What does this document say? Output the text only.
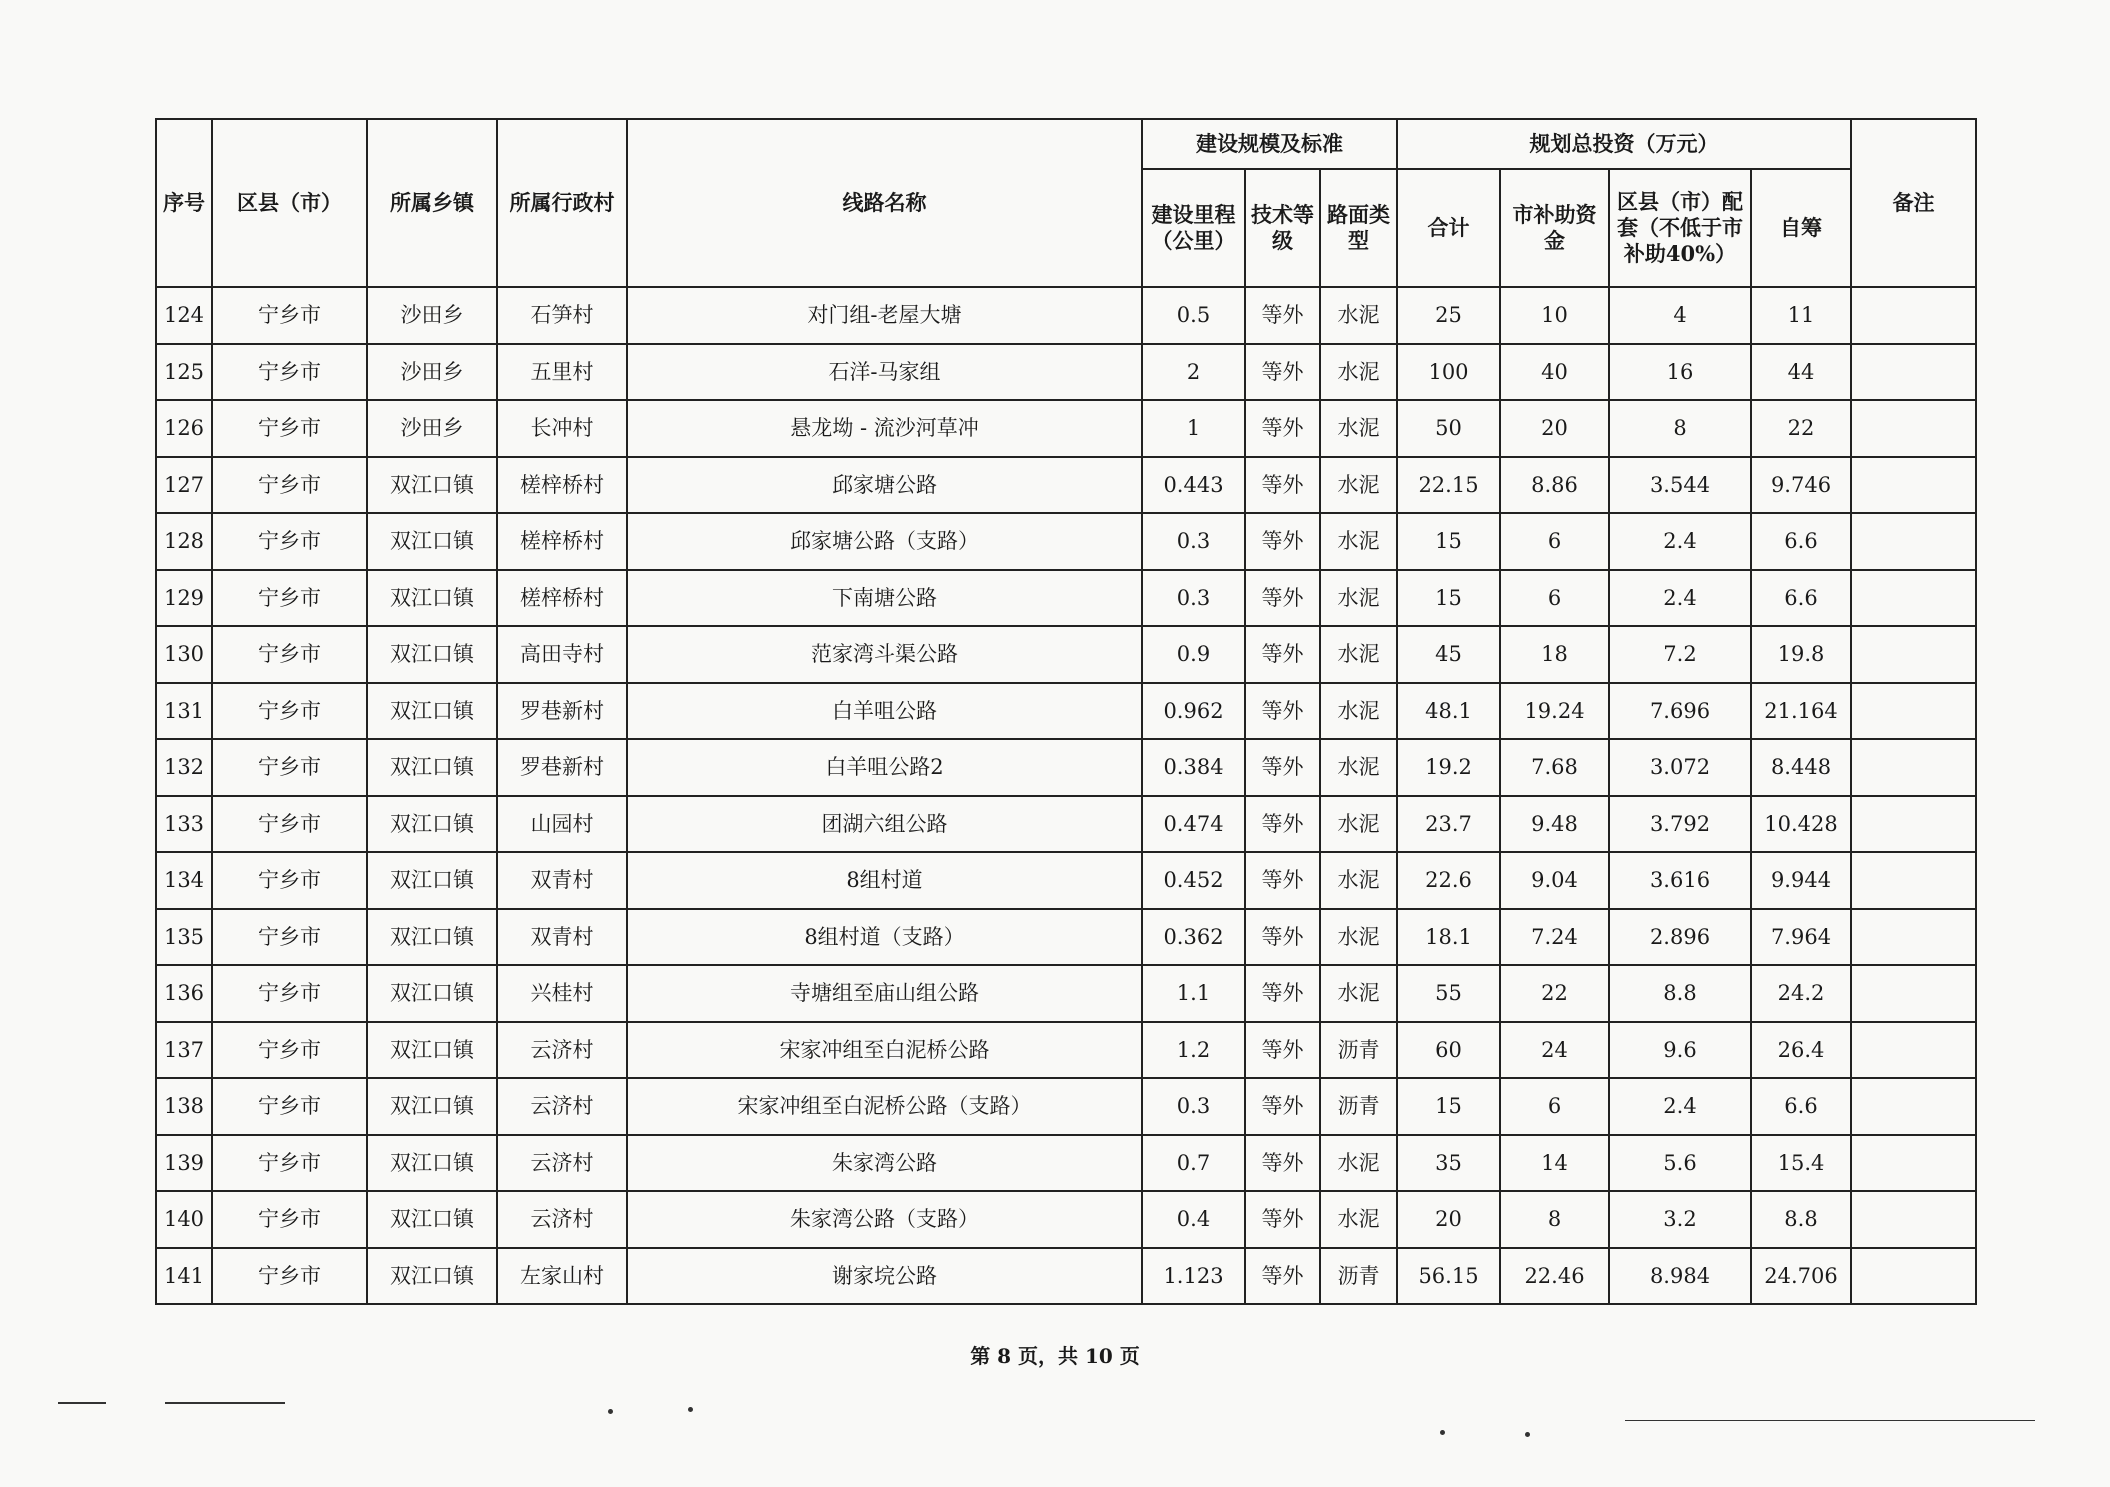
序号	区县（市）	所属乡镇	所属行政村	线路名称	建设规模及标准			规划总投资（万元）				备注
					建设里程（公里）	技术等级	路面类型	合计	市补助资金	区县（市）配套（不低于市补助40%）	自筹	
124	宁乡市	沙田乡	石笋村	对门组-老屋大塘	0.5	等外	水泥	25	10	4	11	
125	宁乡市	沙田乡	五里村	石洋-马家组	2	等外	水泥	100	40	16	44	
126	宁乡市	沙田乡	长冲村	悬龙坳 - 流沙河草冲	1	等外	水泥	50	20	8	22	
127	宁乡市	双江口镇	槎梓桥村	邱家塘公路	0.443	等外	水泥	22.15	8.86	3.544	9.746	
128	宁乡市	双江口镇	槎梓桥村	邱家塘公路（支路）	0.3	等外	水泥	15	6	2.4	6.6	
129	宁乡市	双江口镇	槎梓桥村	下南塘公路	0.3	等外	水泥	15	6	2.4	6.6	
130	宁乡市	双江口镇	高田寺村	范家湾斗渠公路	0.9	等外	水泥	45	18	7.2	19.8	
131	宁乡市	双江口镇	罗巷新村	白羊咀公路	0.962	等外	水泥	48.1	19.24	7.696	21.164	
132	宁乡市	双江口镇	罗巷新村	白羊咀公路2	0.384	等外	水泥	19.2	7.68	3.072	8.448	
133	宁乡市	双江口镇	山园村	团湖六组公路	0.474	等外	水泥	23.7	9.48	3.792	10.428	
134	宁乡市	双江口镇	双青村	8组村道	0.452	等外	水泥	22.6	9.04	3.616	9.944	
135	宁乡市	双江口镇	双青村	8组村道（支路）	0.362	等外	水泥	18.1	7.24	2.896	7.964	
136	宁乡市	双江口镇	兴桂村	寺塘组至庙山组公路	1.1	等外	水泥	55	22	8.8	24.2	
137	宁乡市	双江口镇	云济村	宋家冲组至白泥桥公路	1.2	等外	沥青	60	24	9.6	26.4	
138	宁乡市	双江口镇	云济村	宋家冲组至白泥桥公路（支路）	0.3	等外	沥青	15	6	2.4	6.6	
139	宁乡市	双江口镇	云济村	朱家湾公路	0.7	等外	水泥	35	14	5.6	15.4	
140	宁乡市	双江口镇	云济村	朱家湾公路（支路）	0.4	等外	水泥	20	8	3.2	8.8	
141	宁乡市	双江口镇	左家山村	谢家垸公路	1.123	等外	沥青	56.15	22.46	8.984	24.706	
第 8 页，共 10 页
